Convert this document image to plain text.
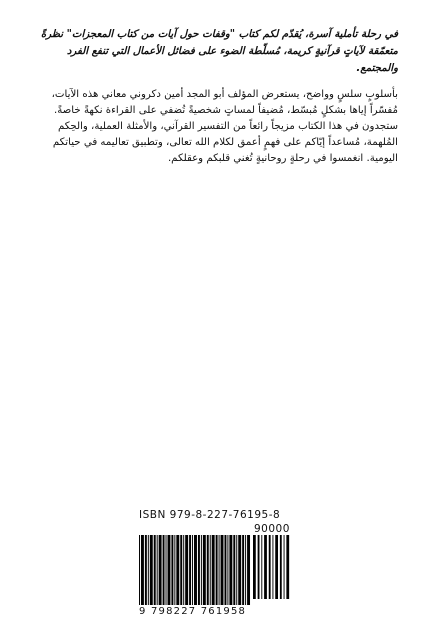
في رحلة تأملية آسرة، يُقدّم لكم كتاب "وقفات حول آيات من كتاب المعجزات" نظرةً متعمّقة لآياتٍ قرآنيةٍ كريمة، مُسلّطة الضوء على فضائل الأعمال التي تنفع الفرد والمجتمع.

بأسلوبٍ سلسٍ وواضح، يستعرض المؤلف أبو المجد أمين دكروني معاني هذه الآيات، مُفسّراً إياها بشكلٍ مُبسّط، مُضيفاً لمساتٍ شخصيةً تُضفي على القراءة نكهةً خاصةً. ستجدون في هذا الكتاب مزيجاً رائعاً من التفسير القرآني، والأمثلة العملية، والحِكم المُلهمة، مُساعداً إيّاكم على فهمٍ أعمق لكلام الله تعالى، وتطبيق تعاليمه في حياتكم اليومية. انغمسوا في رحلةٍ روحانيةٍ تُغني قلبكم وعقلكم.

ISBN 979-8-227-76195-8
90000
9 798227 761958
